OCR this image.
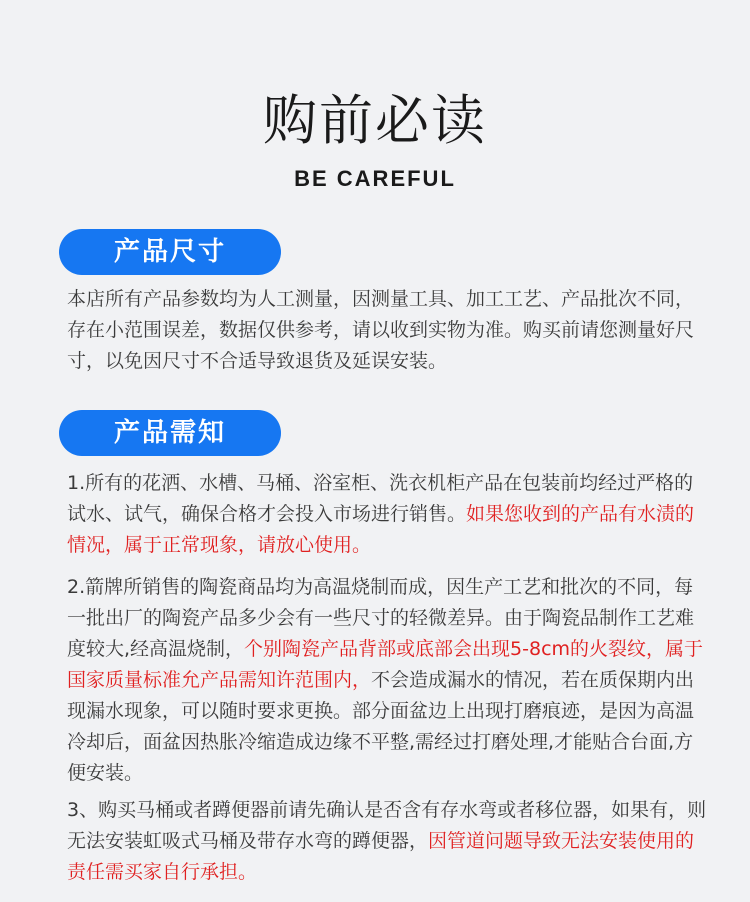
购前必读
BE CAREFUL
产品尺寸
本店所有产品参数均为人工测量，因测量工具、加工工艺、产品批次不同，存在小范围误差，数据仅供参考，请以收到实物为准。购买前请您测量好尺寸，以免因尺寸不合适导致退货及延误安装。
产品需知
1.所有的花洒、水槽、马桶、浴室柜、洗衣机柜产品在包装前均经过严格的试水、试气，确保合格才会投入市场进行销售。如果您收到的产品有水渍的情况，属于正常现象，请放心使用。
2.箭牌所销售的陶瓷商品均为高温烧制而成，因生产工艺和批次的不同，每一批出厂的陶瓷产品多少会有一些尺寸的轻微差异。由于陶瓷品制作工艺难度较大,经高温烧制，个别陶瓷产品背部或底部会出现5-8cm的火裂纹，属于国家质量标准允产品需知许范围内，不会造成漏水的情况，若在质保期内出现漏水现象，可以随时要求更换。部分面盆边上出现打磨痕迹，是因为高温冷却后，面盆因热胀冷缩造成边缘不平整,需经过打磨处理,才能贴合台面,方便安装。
3、购买马桶或者蹲便器前请先确认是否含有存水弯或者移位器，如果有，则无法安装虹吸式马桶及带存水弯的蹲便器，因管道问题导致无法安装使用的责任需买家自行承担。
